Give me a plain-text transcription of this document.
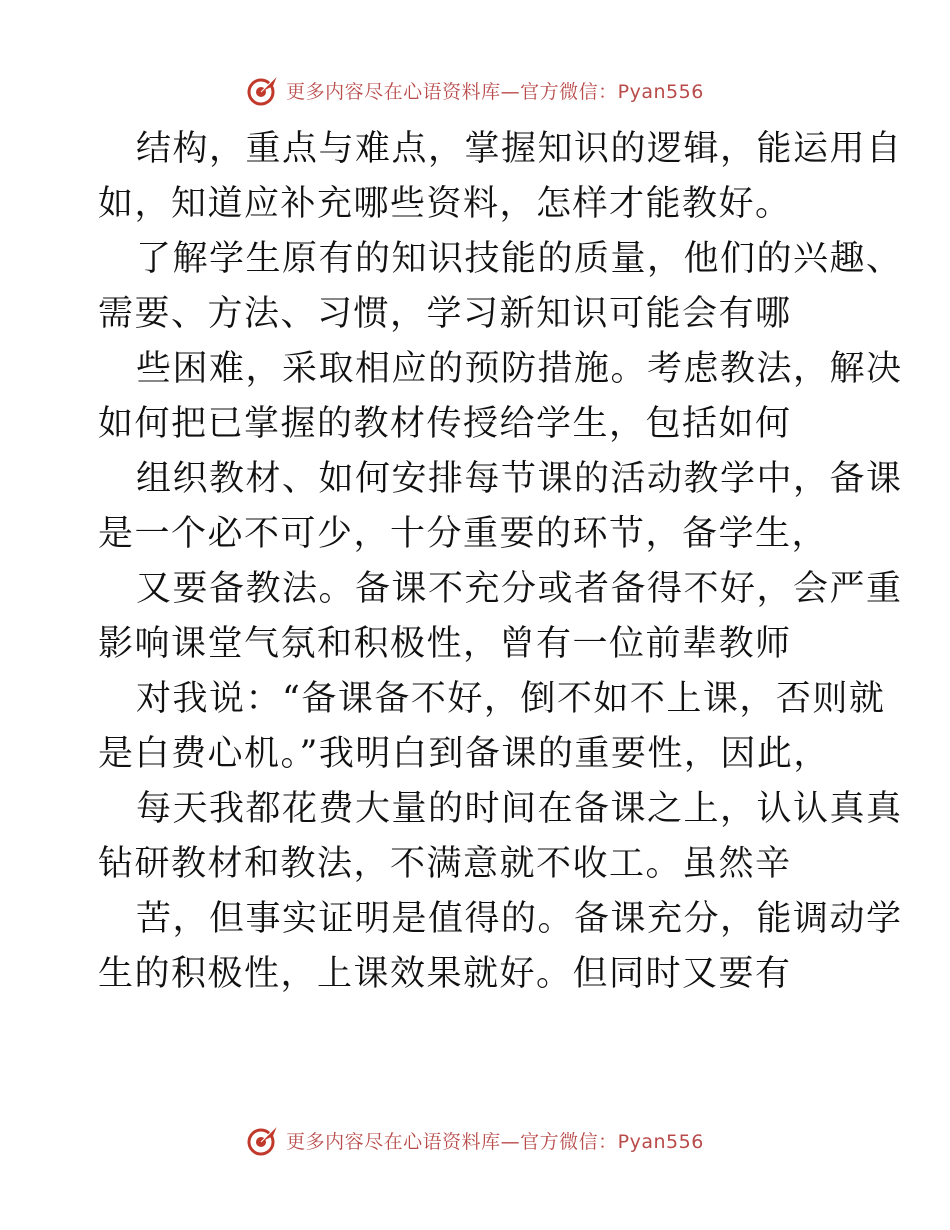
更多内容尽在心语资料库—官方微信：Pyan556
结构，重点与难点，掌握知识的逻辑，能运用自
如，知道应补充哪些资料，怎样才能教好。
了解学生原有的知识技能的质量，他们的兴趣、
需要、方法、习惯，学习新知识可能会有哪
些困难，采取相应的预防措施。考虑教法，解决
如何把已掌握的教材传授给学生，包括如何
组织教材、如何安排每节课的活动教学中，备课
是一个必不可少，十分重要的环节，备学生，
又要备教法。备课不充分或者备得不好，会严重
影响课堂气氛和积极性，曾有一位前辈教师
对我说：“备课备不好，倒不如不上课，否则就
是白费心机。”我明白到备课的重要性，因此，
每天我都花费大量的时间在备课之上，认认真真
钻研教材和教法，不满意就不收工。虽然辛
苦，但事实证明是值得的。备课充分，能调动学
生的积极性，上课效果就好。但同时又要有
更多内容尽在心语资料库—官方微信：Pyan556
